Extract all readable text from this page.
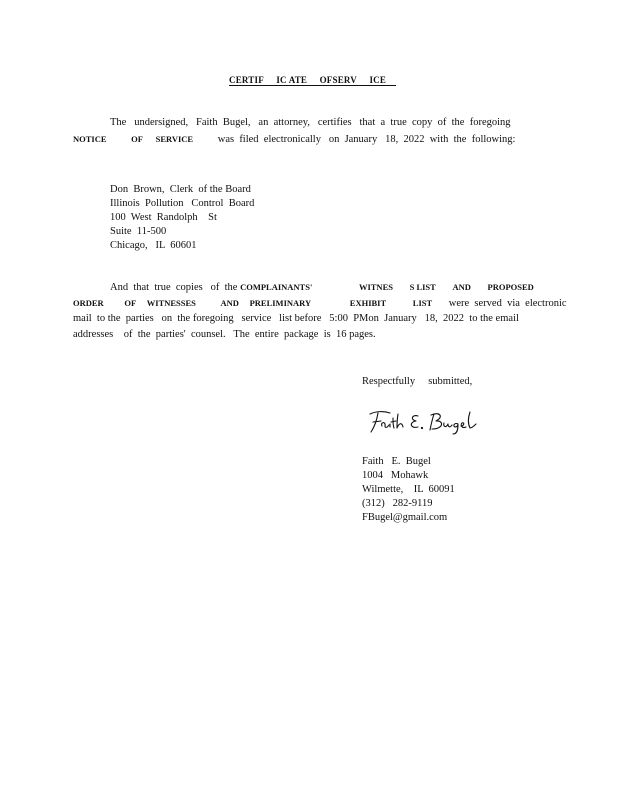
CERTIF IC ATE OFSERV ICE
The   undersigned,   Faith  Bugel,   an  attorney,   certifies   that  a  true  copy  of  the  foregoing
NOTICE	OF SERVICE was  filed  electronically   on  January   18,  2022  with  the  following:
Don  Brown,  Clerk  of the Board
Illinois  Pollution   Control  Board
100  West  Randolph    St
Suite  11-500
Chicago,   IL  60601
And  that  true  copies   of  the COMPLAINANTS'	WITNES S LIST AND PROPOSED
ORDER OF WITNESSES	AND PRELIMINARY	EXHIBIT	LIST were  served  via  electronic
mail  to the  parties   on  the foregoing   service   list before   5:00  PMon  January   18,  2022  to the email
addresses    of  the  parties'  counsel.   The  entire  package  is  16 pages.
Respectfully     submitted,
Faith   E.  Bugel
1004   Mohawk
Wilmette,    IL  60091
(312)   282-9119
FBugel@gmail.com
